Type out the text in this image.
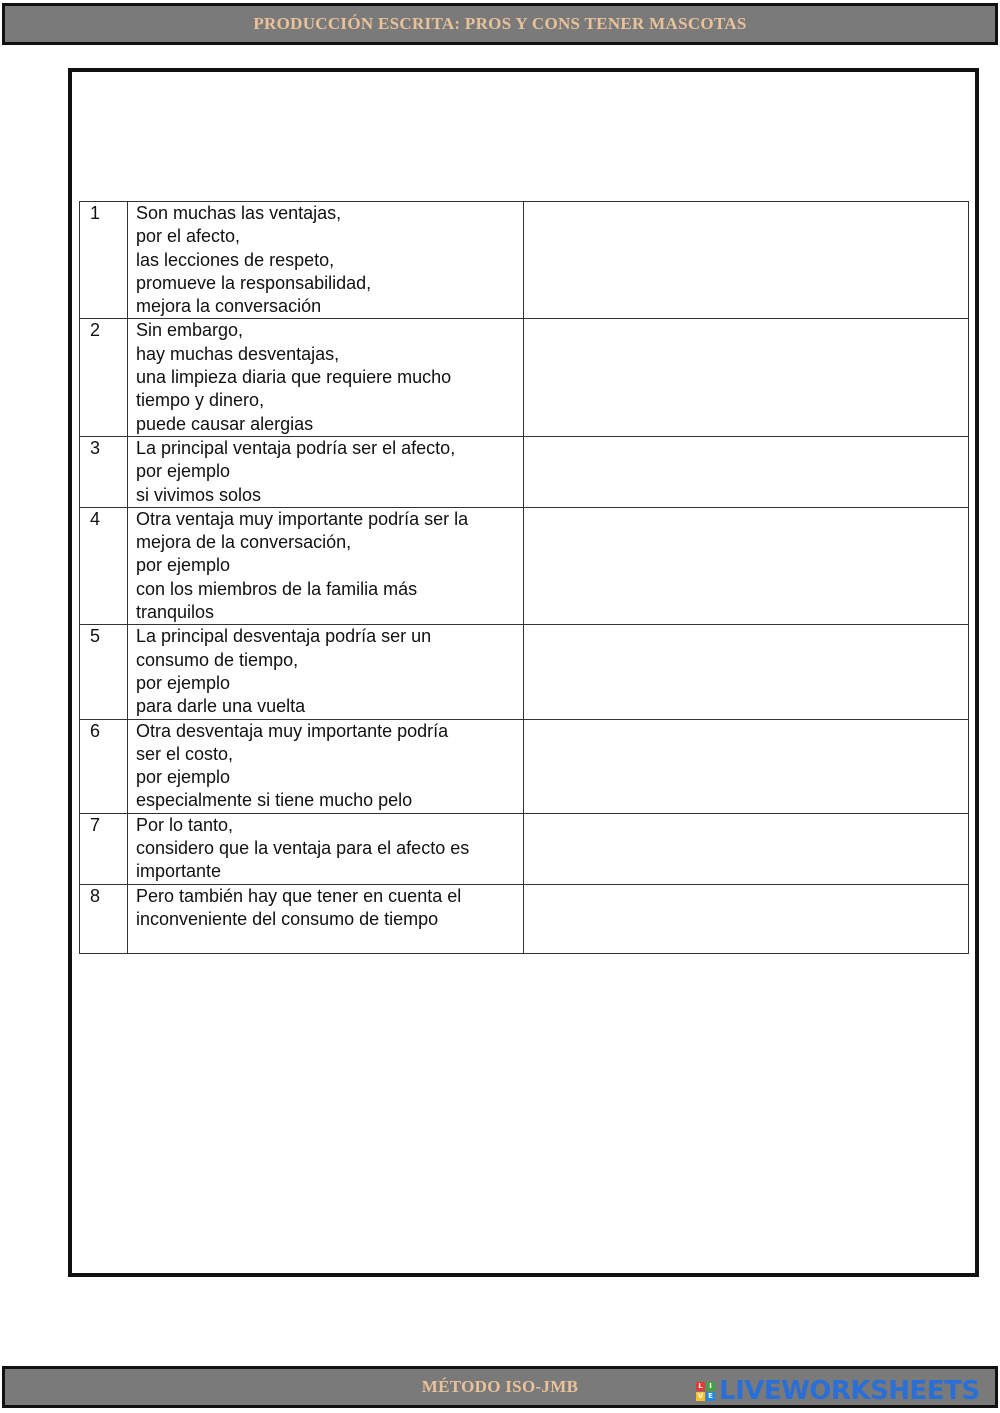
PRODUCCIÓN ESCRITA: PROS Y CONS TENER MASCOTAS
1	Son muchas las ventajas,
por el afecto,
las lecciones de respeto,
promueve la responsabilidad,
mejora la conversación	

2	Sin embargo,
hay muchas desventajas,
una limpieza diaria que requiere mucho
tiempo y dinero,
puede causar alergias	

3	La principal ventaja podría ser el afecto,
por ejemplo
si vivimos solos	

4	Otra ventaja muy importante podría ser la
mejora de la conversación,
por ejemplo
con los miembros de la familia más
tranquilos	

5	La principal desventaja podría ser un
consumo de tiempo,
por ejemplo
para darle una vuelta	

6	Otra desventaja muy importante podría
ser el costo,
por ejemplo
especialmente si tiene mucho pelo	

7	Por lo tanto,
considero que la ventaja para el afecto es
importante	

8	Pero también hay que tener en cuenta el
inconveniente del consumo de tiempo	

MÉTODO ISO-JMB	L I
V E LIVEWORKSHEETS
